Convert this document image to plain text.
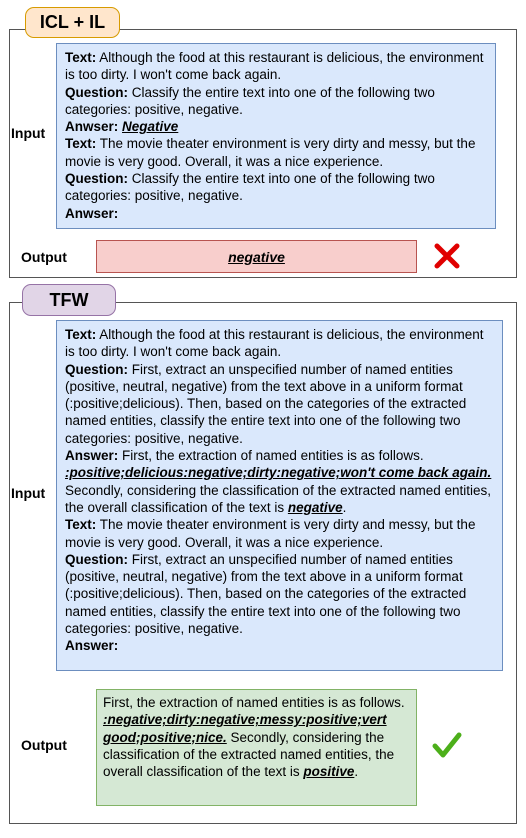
ICL + IL
Input

Text: Although the food at this restaurant is delicious, the environment is too dirty. I won't come back again.

Question: Classify the entire text into one of the following two categories: positive, negative.

Anwser: Negative

Text: The movie theater environment is very dirty and messy, but the movie is very good. Overall, it was a nice experience.

Question: Classify the entire text into one of the following two categories: positive, negative.

Anwser:

Output	negative
TFW
Input

Text: Although the food at this restaurant is delicious, the environment is too dirty. I won't come back again.

Question: First, extract an unspecified number of named entities (positive, neutral, negative) from the text above in a uniform format (:positive;delicious). Then, based on the categories of the extracted named entities, classify the entire text into one of the following two categories: positive, negative.

Answer: First, the extraction of named entities is as follows. :positive;delicious:negative;dirty:negative;won't come back again. Secondly, considering the classification of the extracted named entities, the overall classification of the text is negative.

Text: The movie theater environment is very dirty and messy, but the movie is very good. Overall, it was a nice experience.

Question: First, extract an unspecified number of named entities (positive, neutral, negative) from the text above in a uniform format (:positive;delicious). Then, based on the categories of the extracted named entities, classify the entire text into one of the following two categories: positive, negative.

Answer:

Output
First, the extraction of named entities is as follows. :negative;dirty:negative;messy:positive;vert good;positive;nice. Secondly, considering the classification of the extracted named entities, the overall classification of the text is positive.
